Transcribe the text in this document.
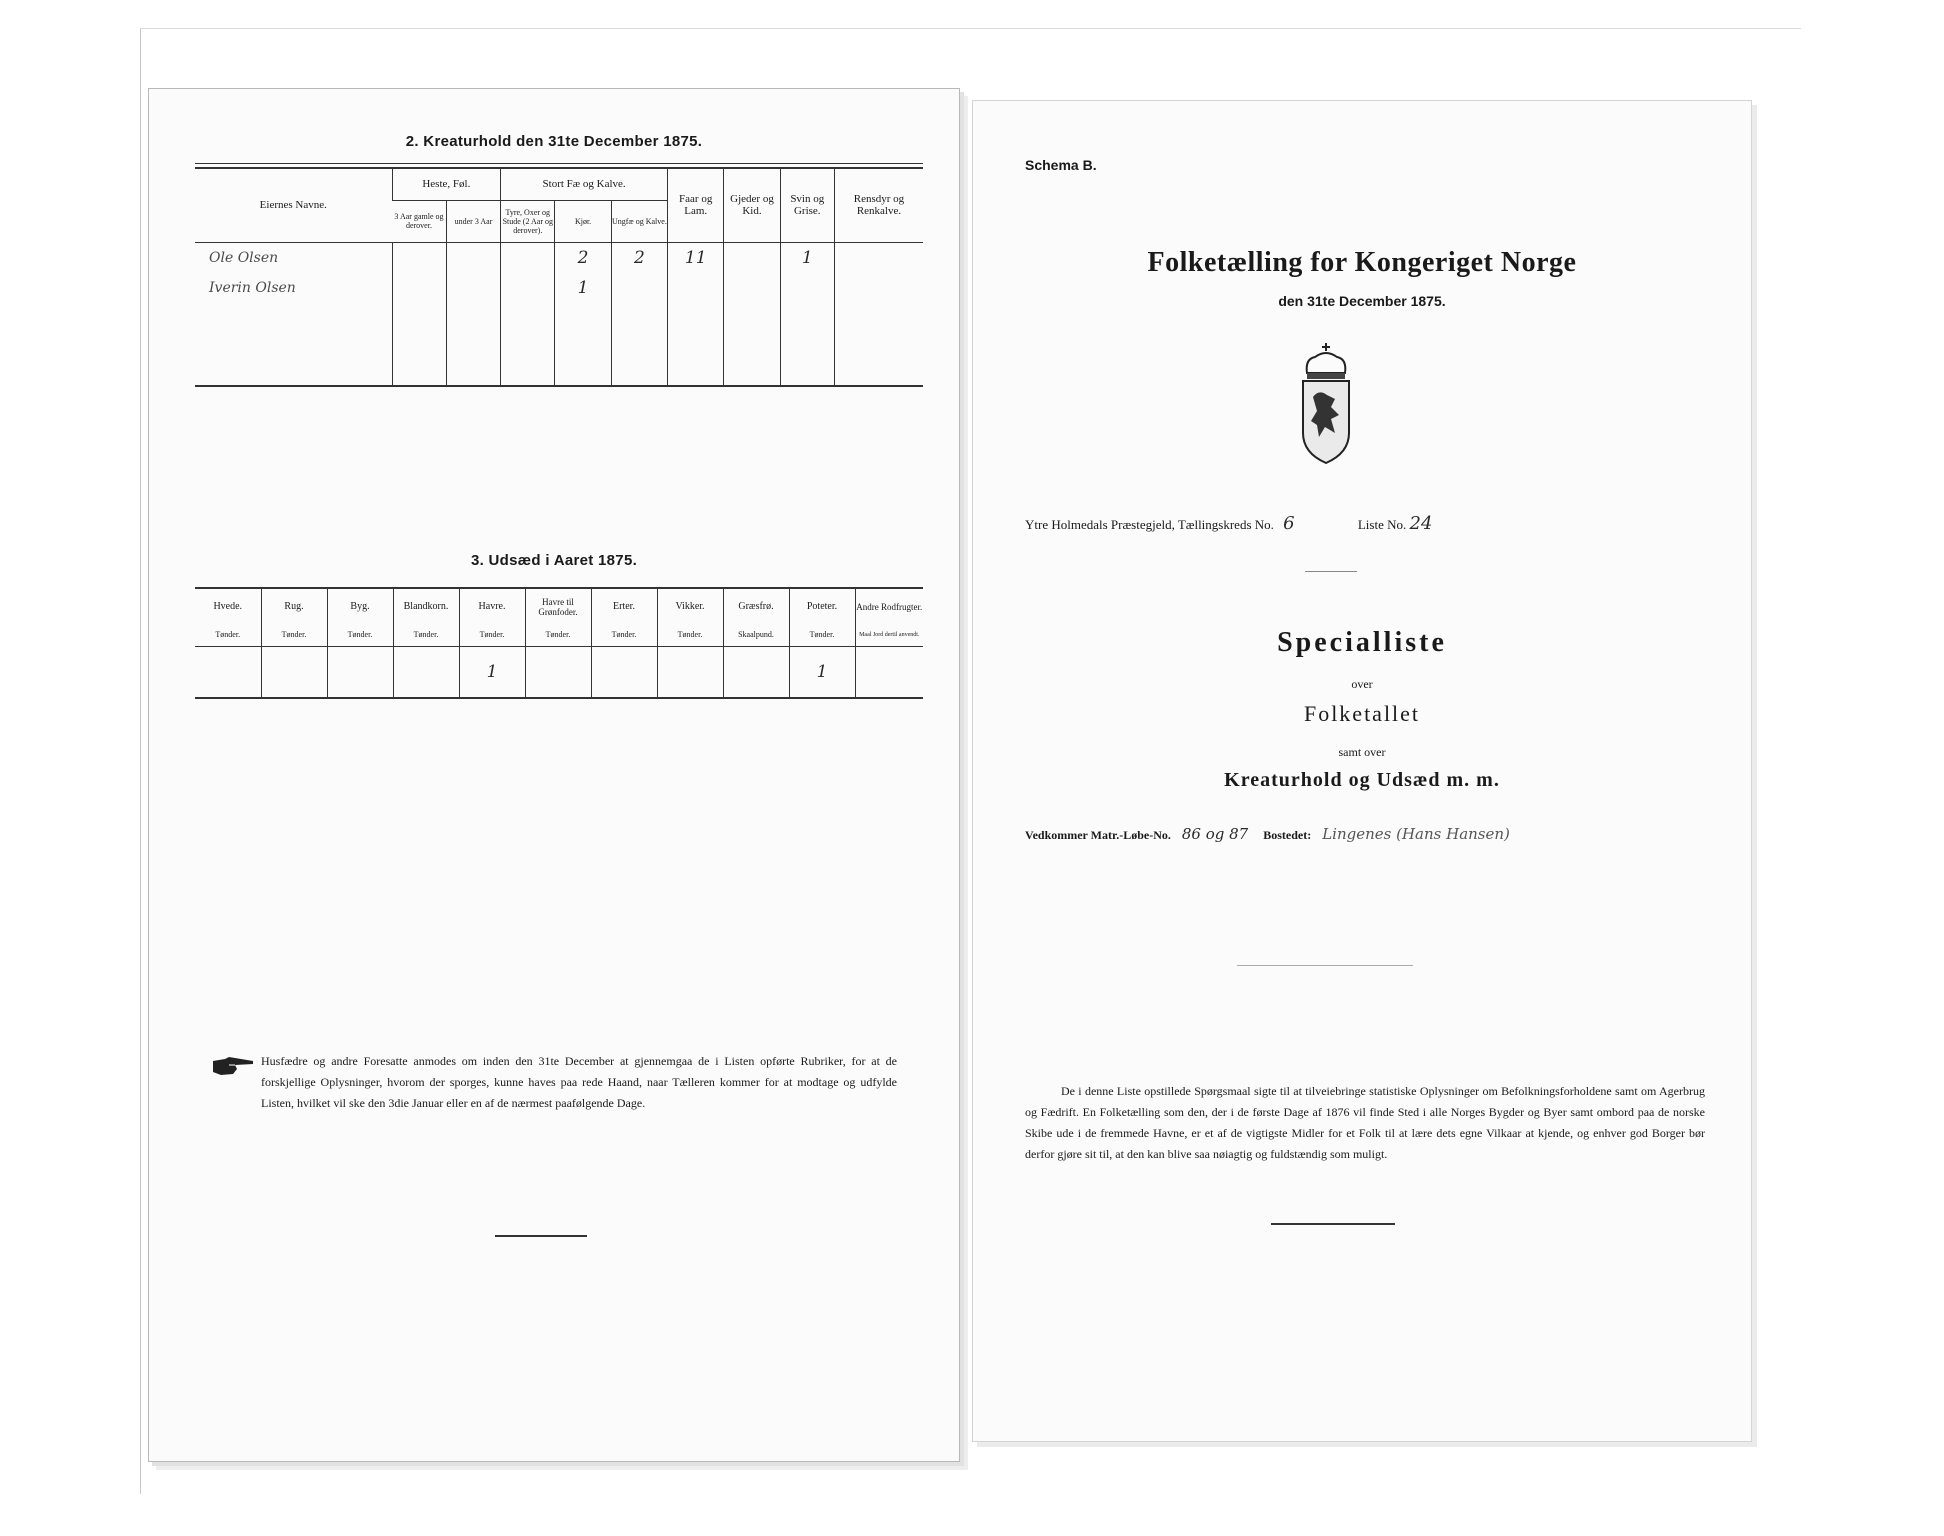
2. Kreaturhold den 31te December 1875.
Eiernes Navne.	Heste, Føl.		Stort Fæ og Kalve.			Faar og Lam.	Gjeder og Kid.	Svin og Grise.	Rensdyr og Renkalve.
	3 Aar gamle og derover.	under 3 Aar	Tyre, Oxer og Stude (2 Aar og derover).	Kjør.	Ungfæ og Kalve.				
Ole Olsen				2	2	11		1	
Iverin Olsen				1					

3. Udsæd i Aaret 1875.
Hvede.	Rug.	Byg.	Blandkorn.	Havre.	Havre til Grønfoder.	Erter.	Vikker.	Græsfrø.	Poteter.	Andre Rodfrugter.
Tønder.	Tønder.	Tønder.	Tønder.	Tønder.	Tønder.	Tønder.	Tønder.	Skaalpund.	Tønder.	Maal Jord dertil anvendt.
				1					1	
Husfædre og andre Foresatte anmodes om inden den 31te December at gjennemgaa de i Listen opførte Rubriker, for at de forskjellige Oplysninger, hvorom der sporges, kunne haves paa rede Haand, naar Tælleren kommer for at modtage og udfylde Listen, hvilket vil ske den 3die Januar eller en af de nærmest paafølgende Dage.
Schema B.
Folketælling for Kongeriget Norge
den 31te December 1875.
Ytre Holmedals Præstegjeld, Tællingskreds No. 6	Liste No. 24
Specialliste
over
Folketallet
samt over
Kreaturhold og Udsæd m. m.
Vedkommer Matr.-Løbe-No. 86 og 87 Bostedet: Lingenes (Hans Hansen)
De i denne Liste opstillede Spørgsmaal sigte til at tilveiebringe statistiske Oplysninger om Befolkningsforholdene samt om Agerbrug og Fædrift. En Folketælling som den, der i de første Dage af 1876 vil finde Sted i alle Norges Bygder og Byer samt ombord paa de norske Skibe ude i de fremmede Havne, er et af de vigtigste Midler for et Folk til at lære dets egne Vilkaar at kjende, og enhver god Borger bør derfor gjøre sit til, at den kan blive saa nøiagtig og fuldstændig som muligt.
